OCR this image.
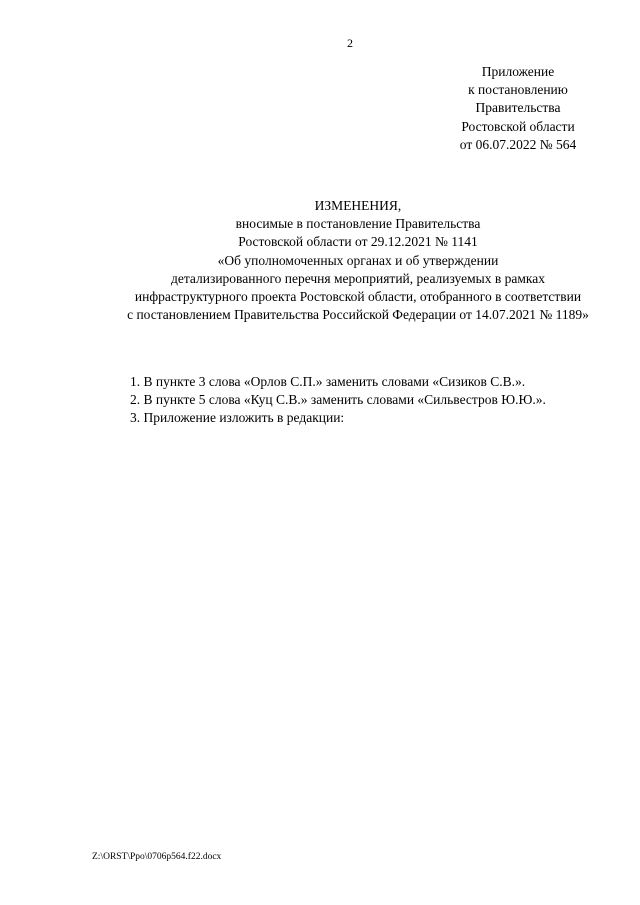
2
Приложение
к постановлению
Правительства
Ростовской области
от 06.07.2022 № 564
ИЗМЕНЕНИЯ,
вносимые в постановление Правительства
Ростовской области от 29.12.2021 № 1141
«Об уполномоченных органах и об утверждении
детализированного перечня мероприятий, реализуемых в рамках
инфраструктурного проекта Ростовской области, отобранного в соответствии
с постановлением Правительства Российской Федерации от 14.07.2021 № 1189»
1. В пункте 3 слова «Орлов С.П.» заменить словами «Сизиков С.В.».
2. В пункте 5 слова «Куц С.В.» заменить словами «Сильвестров Ю.Ю.».
3. Приложение изложить в редакции:
Z:\ORST\Ppo\0706p564.f22.docx
